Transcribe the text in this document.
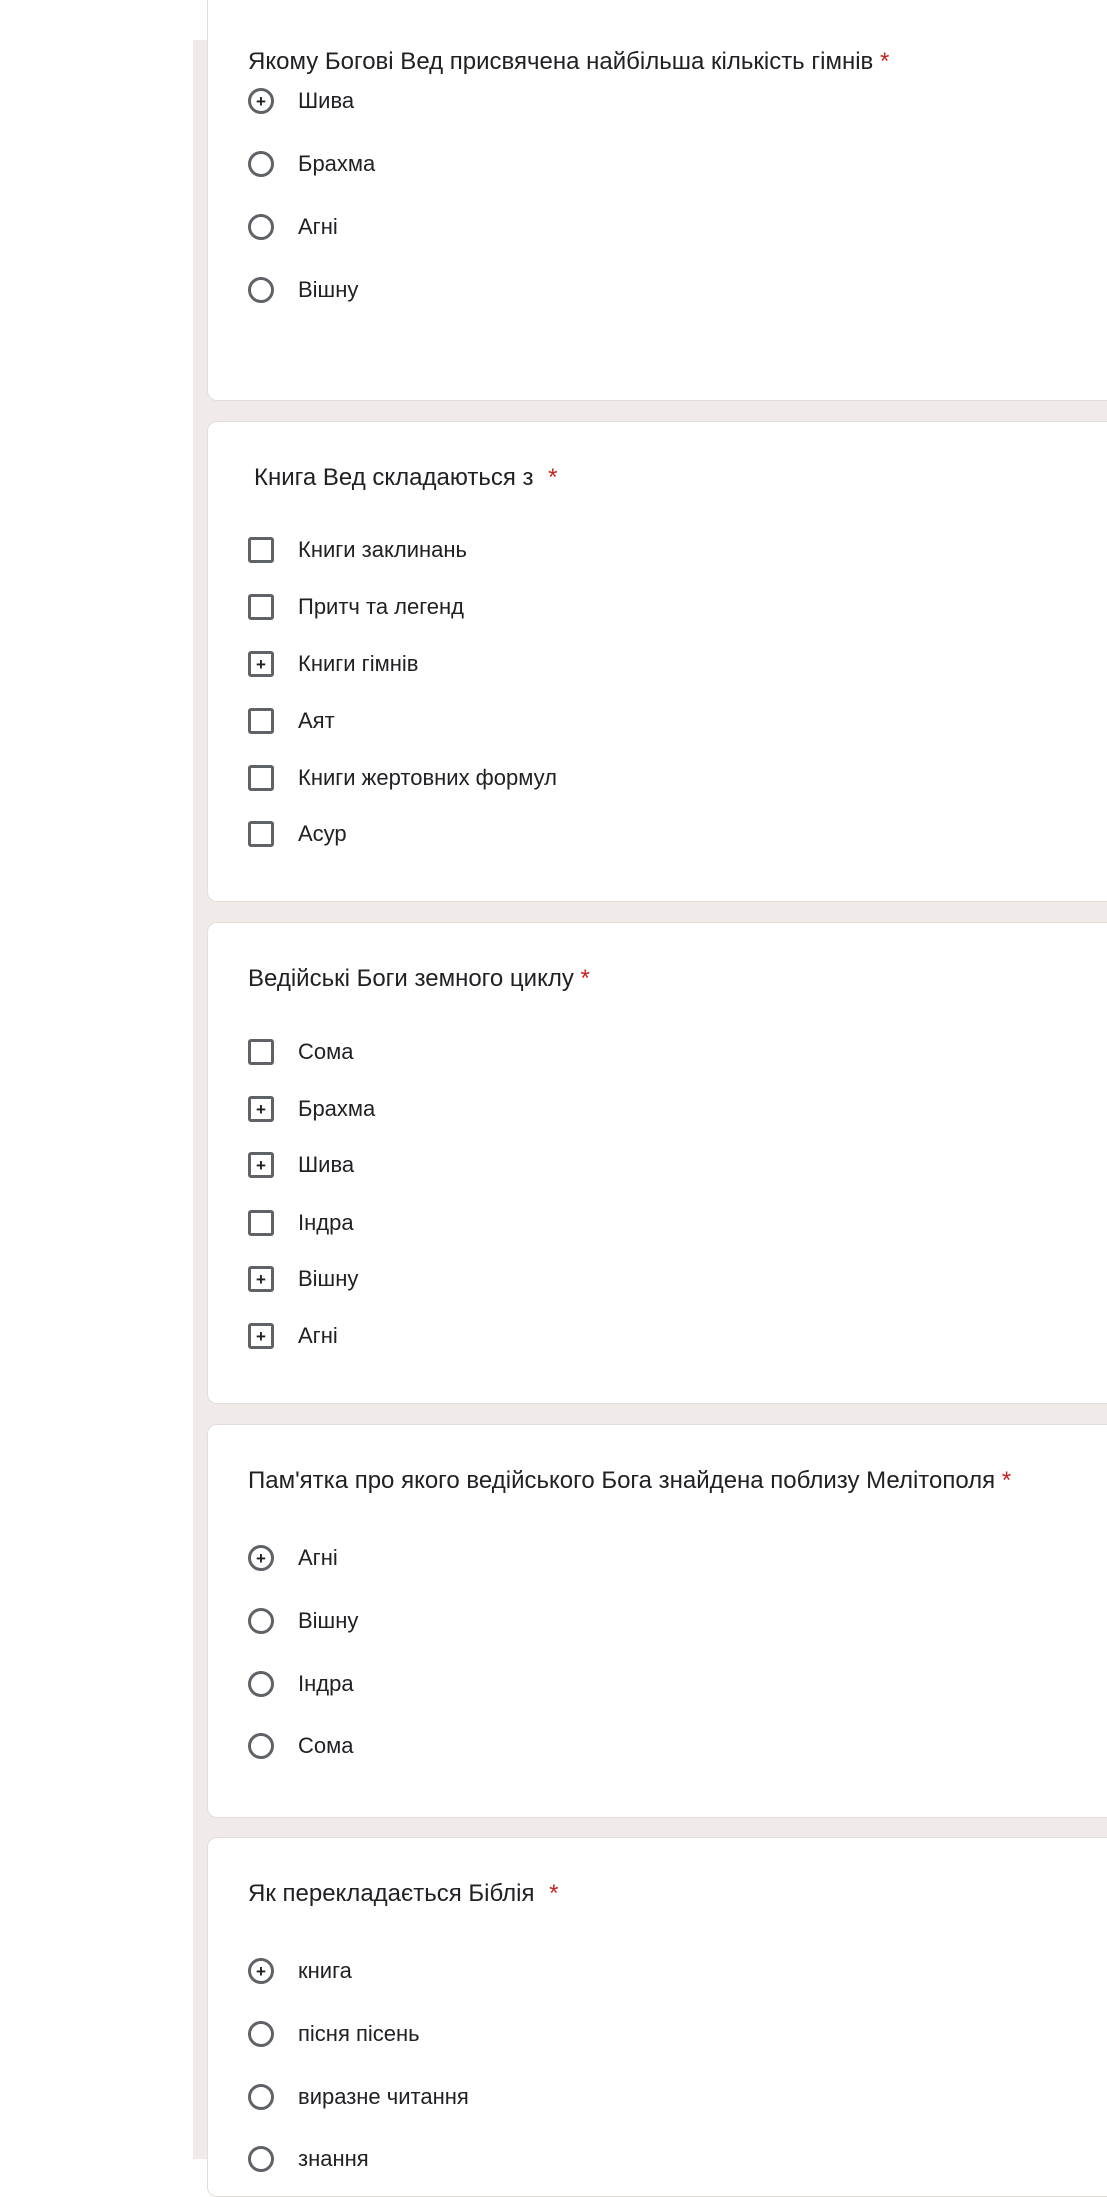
Якому Богові Вед присвячена найбільша кількість гімнів *
+ Шива
Брахма
Агні
Вішну
Книга Вед складаються з *
Книги заклинань
Притч та легенд
+ Книги гімнів
Аят
Книги жертовних формул
Асур
Ведійські Боги земного циклу *
Сома
+ Брахма
+ Шива
Індра
+ Вішну
+ Агні
Пам'ятка про якого ведійського Бога знайдена поблизу Мелітополя *
+ Агні
Вішну
Індра
Сома
Як перекладається Біблія *
+ книга
пісня пісень
виразне читання
знання
